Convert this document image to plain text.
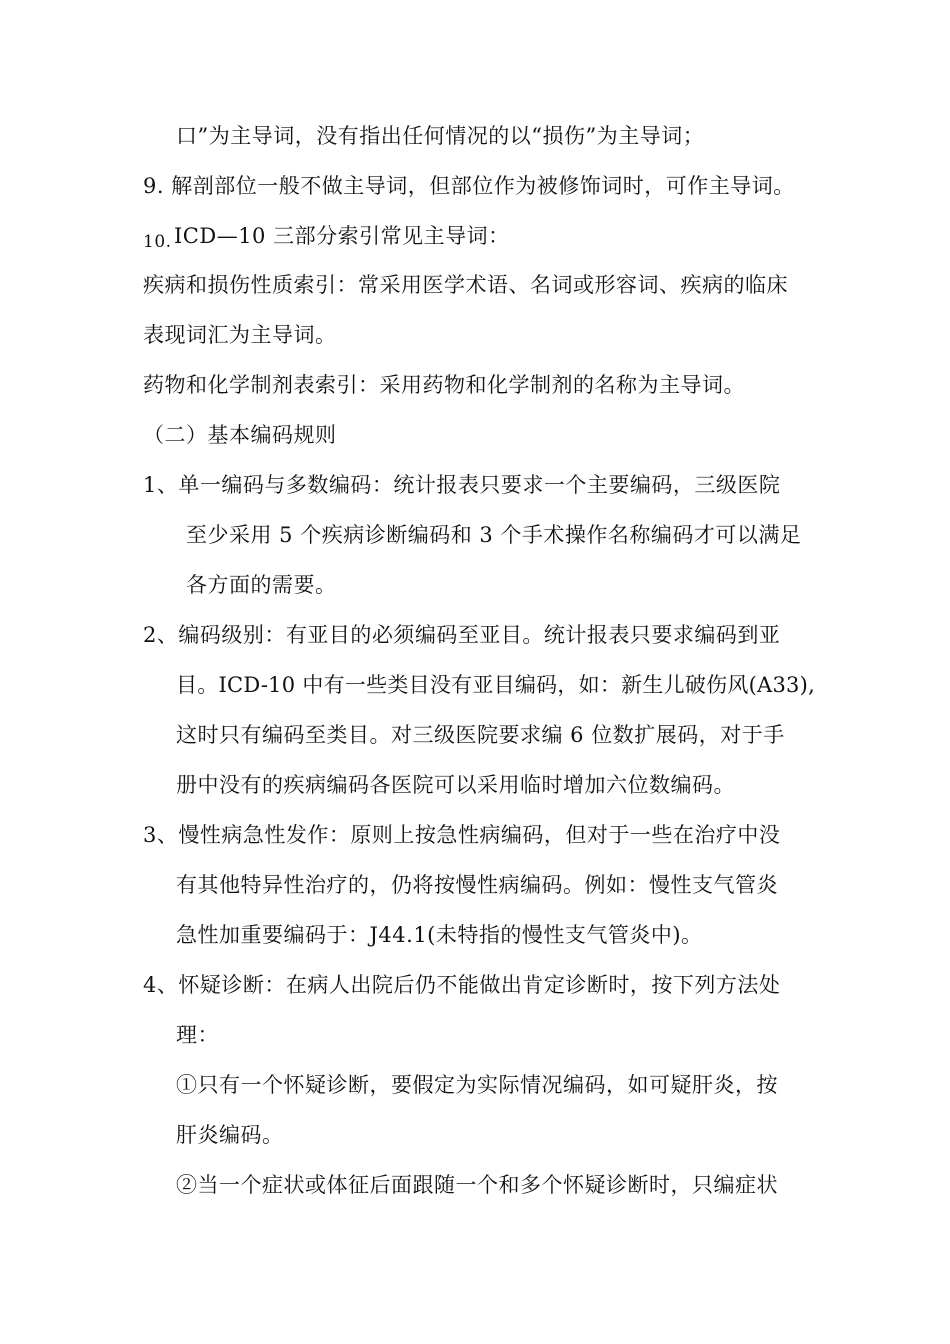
口”为主导词，没有指出任何情况的以“损伤”为主导词；
9. 解剖部位一般不做主导词，但部位作为被修饰词时，可作主导词。
10. ICD—10 三部分索引常见主导词：
疾病和损伤性质索引：常采用医学术语、名词或形容词、疾病的临床
表现词汇为主导词。
药物和化学制剂表索引：采用药物和化学制剂的名称为主导词。
（二）基本编码规则
1、单一编码与多数编码：统计报表只要求一个主要编码，三级医院
至少采用 5 个疾病诊断编码和 3 个手术操作名称编码才可以满足
各方面的需要。
2、编码级别：有亚目的必须编码至亚目。统计报表只要求编码到亚
目。ICD-10 中有一些类目没有亚目编码，如：新生儿破伤风(A33),
这时只有编码至类目。对三级医院要求编 6 位数扩展码，对于手
册中没有的疾病编码各医院可以采用临时增加六位数编码。
3、慢性病急性发作：原则上按急性病编码，但对于一些在治疗中没
有其他特异性治疗的，仍将按慢性病编码。例如：慢性支气管炎
急性加重要编码于：J44.1(未特指的慢性支气管炎中)。
4、怀疑诊断：在病人出院后仍不能做出肯定诊断时，按下列方法处
理：
①只有一个怀疑诊断，要假定为实际情况编码，如可疑肝炎，按
肝炎编码。
②当一个症状或体征后面跟随一个和多个怀疑诊断时，只编症状
